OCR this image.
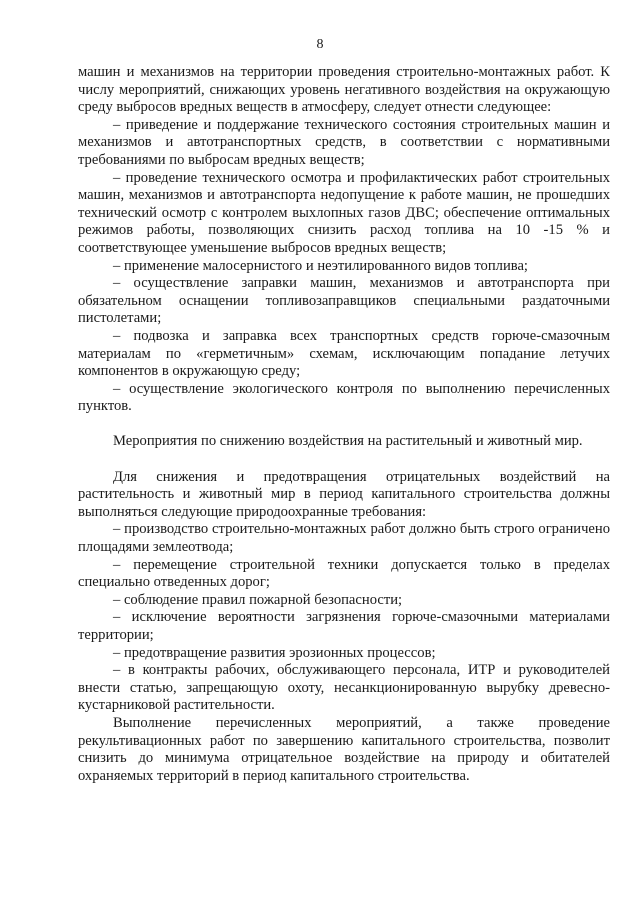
8

машин и механизмов на территории проведения строительно-монтажных работ. К числу мероприятий, снижающих уровень негативного воздействия на окружающую среду выбросов вредных веществ в атмосферу, следует отнести следующее:

– приведение и поддержание технического состояния строительных машин и механизмов и автотранспортных средств, в соответствии с нормативными требованиями по выбросам вредных веществ;

– проведение технического осмотра и профилактических работ строительных машин, механизмов и автотранспорта недопущение к работе машин, не прошедших технический осмотр с контролем выхлопных газов ДВС; обеспечение оптимальных режимов работы, позволяющих снизить расход топлива на 10 -15 % и соответствующее уменьшение выбросов вредных веществ;

– применение малосернистого и неэтилированного видов топлива;

– осуществление заправки машин, механизмов и автотранспорта при обязательном оснащении топливозаправщиков специальными раздаточными пистолетами;

– подвозка и заправка всех транспортных средств горюче-смазочным материалам по «герметичным» схемам, исключающим попадание летучих компонентов в окружающую среду;

– осуществление экологического контроля по выполнению перечисленных пунктов.

Мероприятия по снижению воздействия на растительный и животный мир.

Для снижения и предотвращения отрицательных воздействий на растительность и животный мир в период капитального строительства должны выполняться следующие природоохранные требования:

– производство строительно-монтажных работ должно быть строго ограничено площадями землеотвода;

– перемещение строительной техники допускается только в пределах специально отведенных дорог;

– соблюдение правил пожарной безопасности;

– исключение вероятности загрязнения горюче-смазочными материалами территории;

– предотвращение развития эрозионных процессов;

– в контракты рабочих, обслуживающего персонала, ИТР и руководителей внести статью, запрещающую охоту, несанкционированную вырубку древесно-кустарниковой растительности.

Выполнение перечисленных мероприятий, а также проведение рекультивационных работ по завершению капитального строительства, позволит снизить до минимума отрицательное воздействие на природу и обитателей охраняемых территорий в период капитального строительства.
